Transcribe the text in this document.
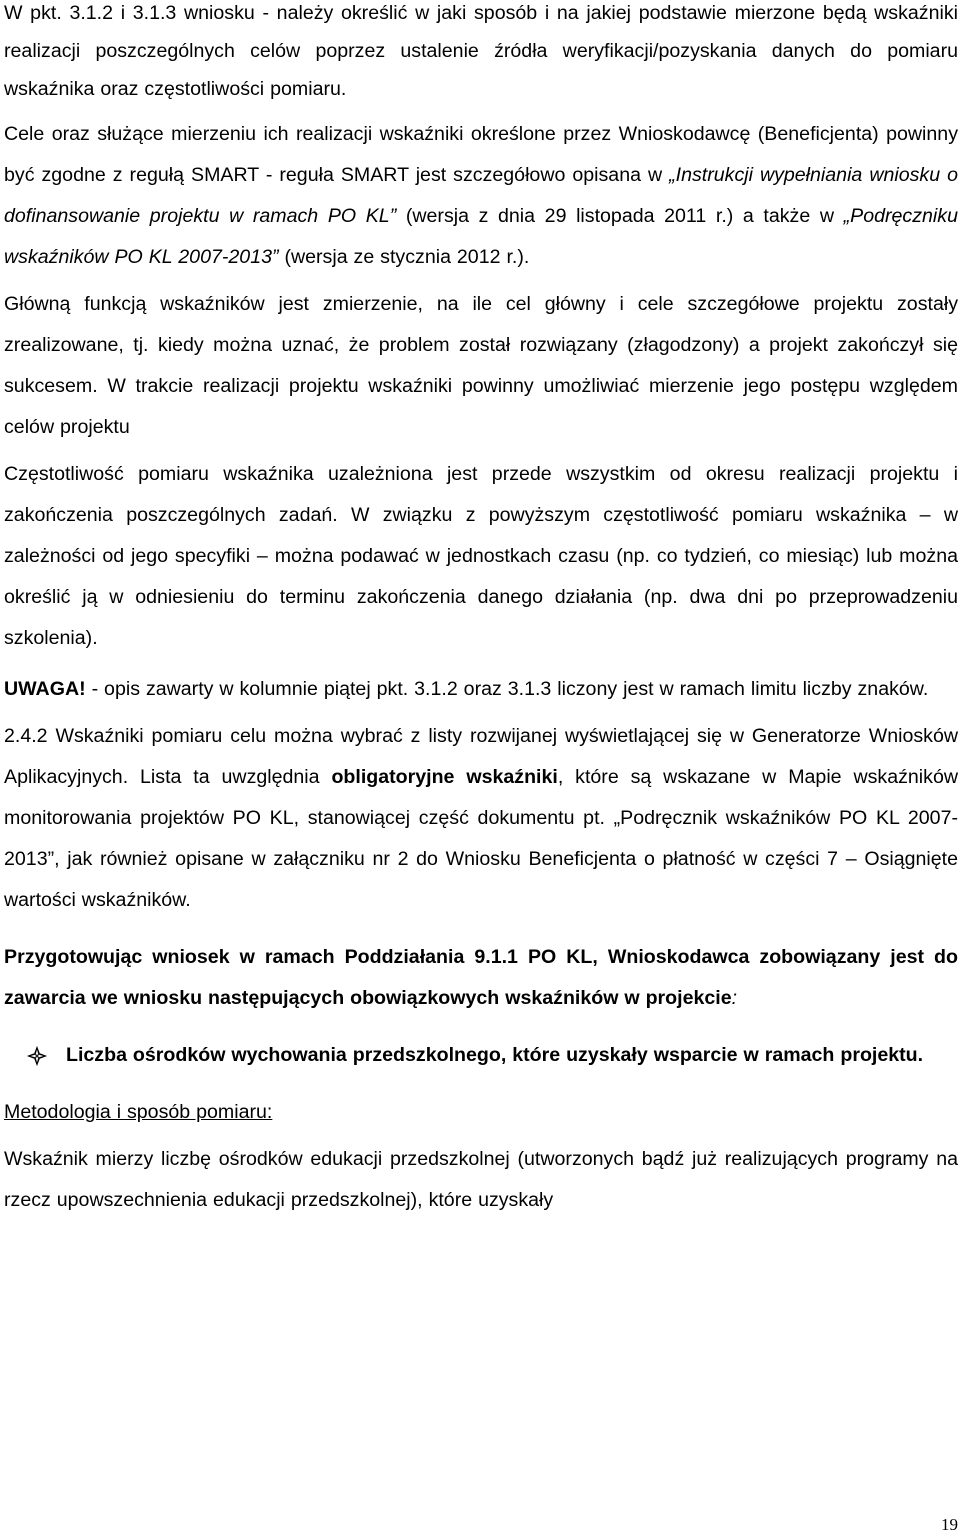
W pkt. 3.1.2 i 3.1.3 wniosku - należy określić w jaki sposób i na jakiej podstawie mierzone będą wskaźniki realizacji poszczególnych celów poprzez ustalenie źródła weryfikacji/pozyskania danych do pomiaru wskaźnika oraz częstotliwości pomiaru.

Cele oraz służące mierzeniu ich realizacji wskaźniki określone przez Wnioskodawcę (Beneficjenta) powinny być zgodne z regułą SMART - reguła SMART jest szczegółowo opisana w „Instrukcji wypełniania wniosku o dofinansowanie projektu w ramach PO KL” (wersja z dnia 29 listopada 2011 r.) a także w „Podręczniku wskaźników PO KL 2007-2013” (wersja ze stycznia 2012 r.).

Główną funkcją wskaźników jest zmierzenie, na ile cel główny i cele szczegółowe projektu zostały zrealizowane, tj. kiedy można uznać, że problem został rozwiązany (złagodzony) a projekt zakończył się sukcesem. W trakcie realizacji projektu wskaźniki powinny umożliwiać mierzenie jego postępu względem celów projektu

Częstotliwość pomiaru wskaźnika uzależniona jest przede wszystkim od okresu realizacji projektu i zakończenia poszczególnych zadań. W związku z powyższym częstotliwość pomiaru wskaźnika – w zależności od jego specyfiki – można podawać w jednostkach czasu (np. co tydzień, co miesiąc) lub można określić ją w odniesieniu do terminu zakończenia danego działania (np. dwa dni po przeprowadzeniu szkolenia).

UWAGA! - opis zawarty w kolumnie piątej pkt. 3.1.2 oraz 3.1.3 liczony jest w ramach limitu liczby znaków.

2.4.2 Wskaźniki pomiaru celu można wybrać z listy rozwijanej wyświetlającej się w Generatorze Wniosków Aplikacyjnych. Lista ta uwzględnia obligatoryjne wskaźniki, które są wskazane w Mapie wskaźników monitorowania projektów PO KL, stanowiącej część dokumentu pt. „Podręcznik wskaźników PO KL 2007- 2013”, jak również opisane w załączniku nr 2 do Wniosku Beneficjenta o płatność w części 7 – Osiągnięte wartości wskaźników.

Przygotowując wniosek w ramach Poddziałania 9.1.1 PO KL, Wnioskodawca zobowiązany jest do zawarcia we wniosku następujących obowiązkowych wskaźników w projekcie:

Liczba ośrodków wychowania przedszkolnego, które uzyskały wsparcie w ramach projektu.

Metodologia i sposób pomiaru:

Wskaźnik mierzy liczbę ośrodków edukacji przedszkolnej (utworzonych bądź już realizujących programy na rzecz upowszechnienia edukacji przedszkolnej), które uzyskały

19
